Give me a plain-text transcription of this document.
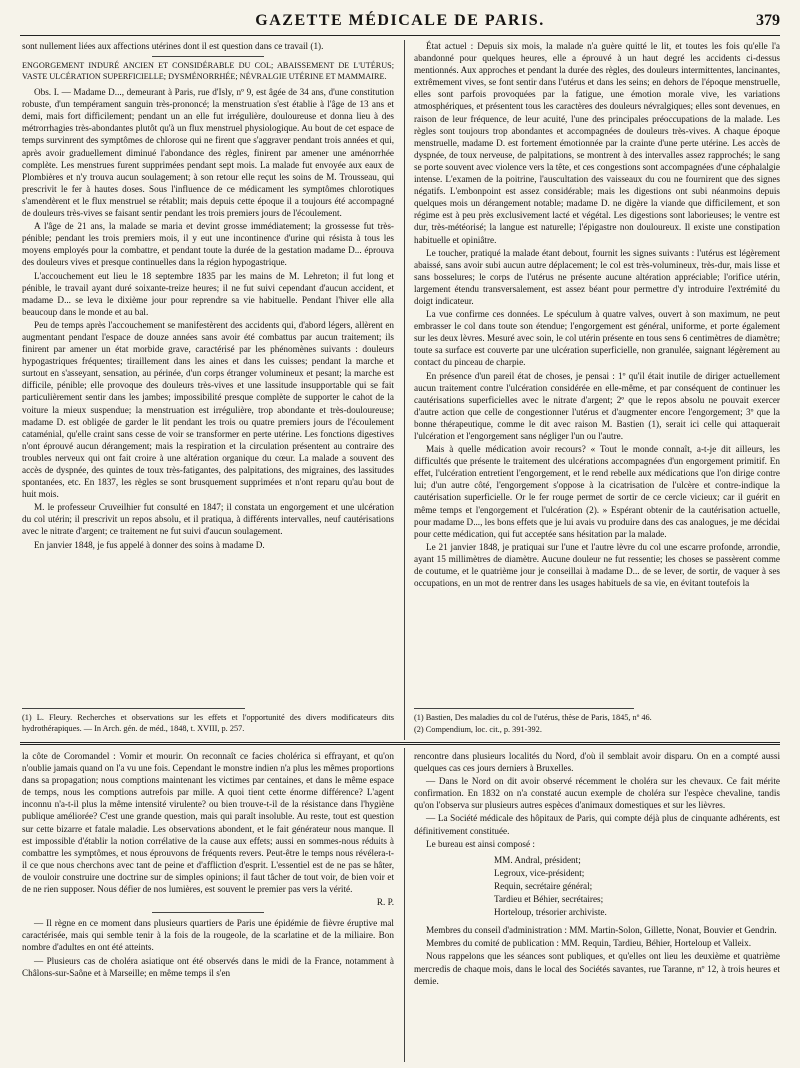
GAZETTE MÉDICALE DE PARIS.	379

sont nullement liées aux affections utérines dont il est question dans ce travail (1).

ENGORGEMENT INDURÉ ANCIEN ET CONSIDÉRABLE DU COL; ABAISSEMENT DE L'UTÉRUS; VASTE ULCÉRATION SUPERFICIELLE; DYSMÉNORRHÉE; NÉVRALGIE UTÉRINE ET MAMMAIRE.

Obs. I. — Madame D..., demeurant à Paris, rue d'Isly, nº 9, est âgée de 34 ans, d'une constitution robuste, d'un tempérament sanguin très-prononcé; la menstruation s'est établie à l'âge de 13 ans et demi, mais fort difficilement; pendant un an elle fut irrégulière, douloureuse et donna lieu à des métrorrhagies très-abondantes plutôt qu'à un flux menstruel physiologique. Au bout de cet espace de temps survinrent des symptômes de chlorose qui ne firent que s'aggraver pendant trois années et qui, après avoir graduellement diminué l'abondance des règles, finirent par amener une aménorrhée complète. Les menstrues furent supprimées pendant sept mois. La malade fut envoyée aux eaux de Plombières et n'y trouva aucun soulagement; à son retour elle reçut les soins de M. Trousseau, qui prescrivit le fer à hautes doses. Sous l'influence de ce médicament les symptômes chlorotiques s'amendèrent et le flux menstruel se rétablit; mais depuis cette époque il a toujours été accompagné de douleurs très-vives se faisant sentir pendant les trois premiers jours de l'écoulement.

A l'âge de 21 ans, la malade se maria et devint grosse immédiatement; la grossesse fut très-pénible; pendant les trois premiers mois, il y eut une incontinence d'urine qui résista à tous les moyens employés pour la combattre, et pendant toute la durée de la gestation madame D... éprouva des douleurs vives et presque continuelles dans la région hypogastrique.

L'accouchement eut lieu le 18 septembre 1835 par les mains de M. Lehreton; il fut long et pénible, le travail ayant duré soixante-treize heures; il ne fut suivi cependant d'aucun accident, et madame D... se leva le dixième jour pour reprendre sa vie habituelle. Pendant l'hiver elle alla beaucoup dans le monde et au bal.

Peu de temps après l'accouchement se manifestèrent des accidents qui, d'abord légers, allèrent en augmentant pendant l'espace de douze années sans avoir été combattus par aucun traitement; ils finirent par amener un état morbide grave, caractérisé par les phénomènes suivants : douleurs hypogastriques fréquentes; tiraillement dans les aines et dans les cuisses; pendant la marche et surtout en s'asseyant, sensation, au périnée, d'un corps étranger volumineux et pesant; la marche est difficile, pénible; elle provoque des douleurs très-vives et une lassitude insupportable qui se fait particulièrement sentir dans les jambes; impossibilité presque complète de supporter le cahot de la voiture la mieux suspendue; la menstruation est irrégulière, trop abondante et très-douloureuse; madame D. est obligée de garder le lit pendant les trois ou quatre premiers jours de l'écoulement cataménial, qu'elle craint sans cesse de voir se transformer en perte utérine. Les fonctions digestives n'ont éprouvé aucun dérangement; mais la respiration et la circulation présentent au contraire des troubles nerveux qui ont fait croire à une altération organique du cœur. La malade a souvent des accès de dyspnée, des quintes de toux très-fatigantes, des palpitations, des migraines, des lassitudes spontanées, etc. En 1837, les règles se sont brusquement supprimées et n'ont reparu qu'au bout de huit mois.

M. le professeur Cruveilhier fut consulté en 1847; il constata un engorgement et une ulcération du col utérin; il prescrivit un repos absolu, et il pratiqua, à différents intervalles, neuf cautérisations avec le nitrate d'argent; ce traitement ne fut suivi d'aucun soulagement.

En janvier 1848, je fus appelé à donner des soins à madame D.

(1) L. Fleury. Recherches et observations sur les effets et l'opportunité des divers modificateurs dits hydrothérapiques. — In Arch. gén. de méd., 1848, t. XVIII, p. 257.

État actuel : Depuis six mois, la malade n'a guère quitté le lit, et toutes les fois qu'elle l'a abandonné pour quelques heures, elle a éprouvé à un haut degré les accidents ci-dessus mentionnés. Aux approches et pendant la durée des règles, des douleurs intermittentes, lancinantes, extrêmement vives, se font sentir dans l'utérus et dans les seins; en dehors de l'époque menstruelle, elles sont parfois provoquées par la fatigue, une émotion morale vive, les variations atmosphériques, et présentent tous les caractères des douleurs névralgiques; elles sont devenues, en raison de leur fréquence, de leur acuité, l'une des principales préoccupations de la malade. Les règles sont toujours trop abondantes et accompagnées de douleurs très-vives. A chaque époque menstruelle, madame D. est fortement émotionnée par la crainte d'une perte utérine. Les accès de dyspnée, de toux nerveuse, de palpitations, se montrent à des intervalles assez rapprochés; le sang se porte souvent avec violence vers la tête, et ces congestions sont accompagnées d'une céphalalgie intense. L'examen de la poitrine, l'auscultation des vaisseaux du cou ne fournirent que des signes négatifs. L'embonpoint est assez considérable; mais les digestions ont subi néanmoins depuis quelques mois un dérangement notable; madame D. ne digère la viande que difficilement, et son régime est à peu près exclusivement lacté et végétal. Les digestions sont laborieuses; le ventre est dur, très-météorisé; la langue est naturelle; l'épigastre non douloureux. Il existe une constipation habituelle et opiniâtre.

Le toucher, pratiqué la malade étant debout, fournit les signes suivants : l'utérus est légèrement abaissé, sans avoir subi aucun autre déplacement; le col est très-volumineux, très-dur, mais lisse et sans bosselures; le corps de l'utérus ne présente aucune altération appréciable; l'orifice utérin, largement étendu transversalement, est assez béant pour permettre d'y introduire l'extrémité du doigt indicateur.

La vue confirme ces données. Le spéculum à quatre valves, ouvert à son maximum, ne peut embrasser le col dans toute son étendue; l'engorgement est général, uniforme, et porte également sur les deux lèvres. Mesuré avec soin, le col utérin présente en tous sens 6 centimètres de diamètre; toute sa surface est couverte par une ulcération superficielle, non granulée, saignant légèrement au contact du pinceau de charpie.

En présence d'un pareil état de choses, je pensai : 1º qu'il était inutile de diriger actuellement aucun traitement contre l'ulcération considérée en elle-même, et par conséquent de continuer les cautérisations superficielles avec le nitrate d'argent; 2º que le repos absolu ne pouvait exercer d'autre action que celle de congestionner l'utérus et d'augmenter encore l'engorgement; 3º que la bonne thérapeutique, comme le dit avec raison M. Bastien (1), serait ici celle qui attaquerait l'ulcération et l'engorgement sans négliger l'un ou l'autre.

Mais à quelle médication avoir recours? « Tout le monde connaît, a-t-je dit ailleurs, les difficultés que présente le traitement des ulcérations accompagnées d'un engorgement primitif. En effet, l'ulcération entretient l'engorgement, et le rend rebelle aux médications que l'on dirige contre lui; d'un autre côté, l'engorgement s'oppose à la cicatrisation de l'ulcère et contre-indique la cautérisation superficielle. Or le fer rouge permet de sortir de ce cercle vicieux; car il guérit en même temps et l'engorgement et l'ulcération (2). » Espérant obtenir de la cautérisation actuelle, pour madame D..., les bons effets que je lui avais vu produire dans des cas analogues, je me décidai pour cette médication, qui fut acceptée sans hésitation par la malade.

Le 21 janvier 1848, je pratiquai sur l'une et l'autre lèvre du col une escarre profonde, arrondie, ayant 15 millimètres de diamètre. Aucune douleur ne fut ressentie; les choses se passèrent comme de coutume, et le quatrième jour je conseillai à madame D... de se lever, de sortir, de vaquer à ses occupations, en un mot de rentrer dans les usages habituels de sa vie, en évitant toutefois la

(1) Bastien, Des maladies du col de l'utérus, thèse de Paris, 1845, nº 46.

(2) Compendium, loc. cit., p. 391-392.

la côte de Coromandel : Vomir et mourir. On reconnaît ce facies cholérica si effrayant, et qu'on n'oublie jamais quand on l'a vu une fois. Cependant le monstre indien n'a plus les mêmes proportions dans sa propagation; nous comptions maintenant les victimes par centaines, et dans le même espace de temps, nous les comptions autrefois par mille. A quoi tient cette énorme différence? L'agent inconnu n'a-t-il plus la même intensité virulente? ou bien trouve-t-il de la résistance dans l'hygiène publique améliorée? C'est une grande question, mais qui paraît insoluble. Au reste, tout est question sur cette bizarre et fatale maladie. Les observations abondent, et le fait générateur nous manque. Il est impossible d'établir la notion corrélative de la cause aux effets; aussi en sommes-nous réduits à combattre les symptômes, et nous éprouvons de fréquents revers. Peut-être le temps nous révélera-t-il ce que nous cherchons avec tant de peine et d'affliction d'esprit. L'essentiel est de ne pas se hâter, de vouloir construire une doctrine sur de simples opinions; il faut tâcher de tout voir, de bien voir et de ne rien supposer. Nous défier de nos lumières, est souvent le premier pas vers la vérité.

R. P.

— Il règne en ce moment dans plusieurs quartiers de Paris une épidémie de fièvre éruptive mal caractérisée, mais qui semble tenir à la fois de la rougeole, de la scarlatine et de la miliaire. Bon nombre d'adultes en ont été atteints.

— Plusieurs cas de choléra asiatique ont été observés dans le midi de la France, notamment à Châlons-sur-Saône et à Marseille; en même temps il s'en

rencontre dans plusieurs localités du Nord, d'où il semblait avoir disparu. On en a compté aussi quelques cas ces jours derniers à Bruxelles.

— Dans le Nord on dit avoir observé récemment le choléra sur les chevaux. Ce fait mérite confirmation. En 1832 on n'a constaté aucun exemple de choléra sur l'espèce chevaline, tandis qu'on l'observa sur plusieurs autres espèces d'animaux domestiques et sur les lièvres.

— La Société médicale des hôpitaux de Paris, qui compte déjà plus de cinquante adhérents, est définitivement constituée.

Le bureau est ainsi composé :

MM. Andral, président;
Legroux, vice-président;
Requin, secrétaire général;
Tardieu et Béhier, secrétaires;
Horteloup, trésorier archiviste.

Membres du conseil d'administration : MM. Martin-Solon, Gillette, Nonat, Bouvier et Gendrin.

Membres du comité de publication : MM. Requin, Tardieu, Béhier, Horteloup et Valleix.

Nous rappelons que les séances sont publiques, et qu'elles ont lieu les deuxième et quatrième mercredis de chaque mois, dans le local des Sociétés savantes, rue Taranne, nº 12, à trois heures et demie.
